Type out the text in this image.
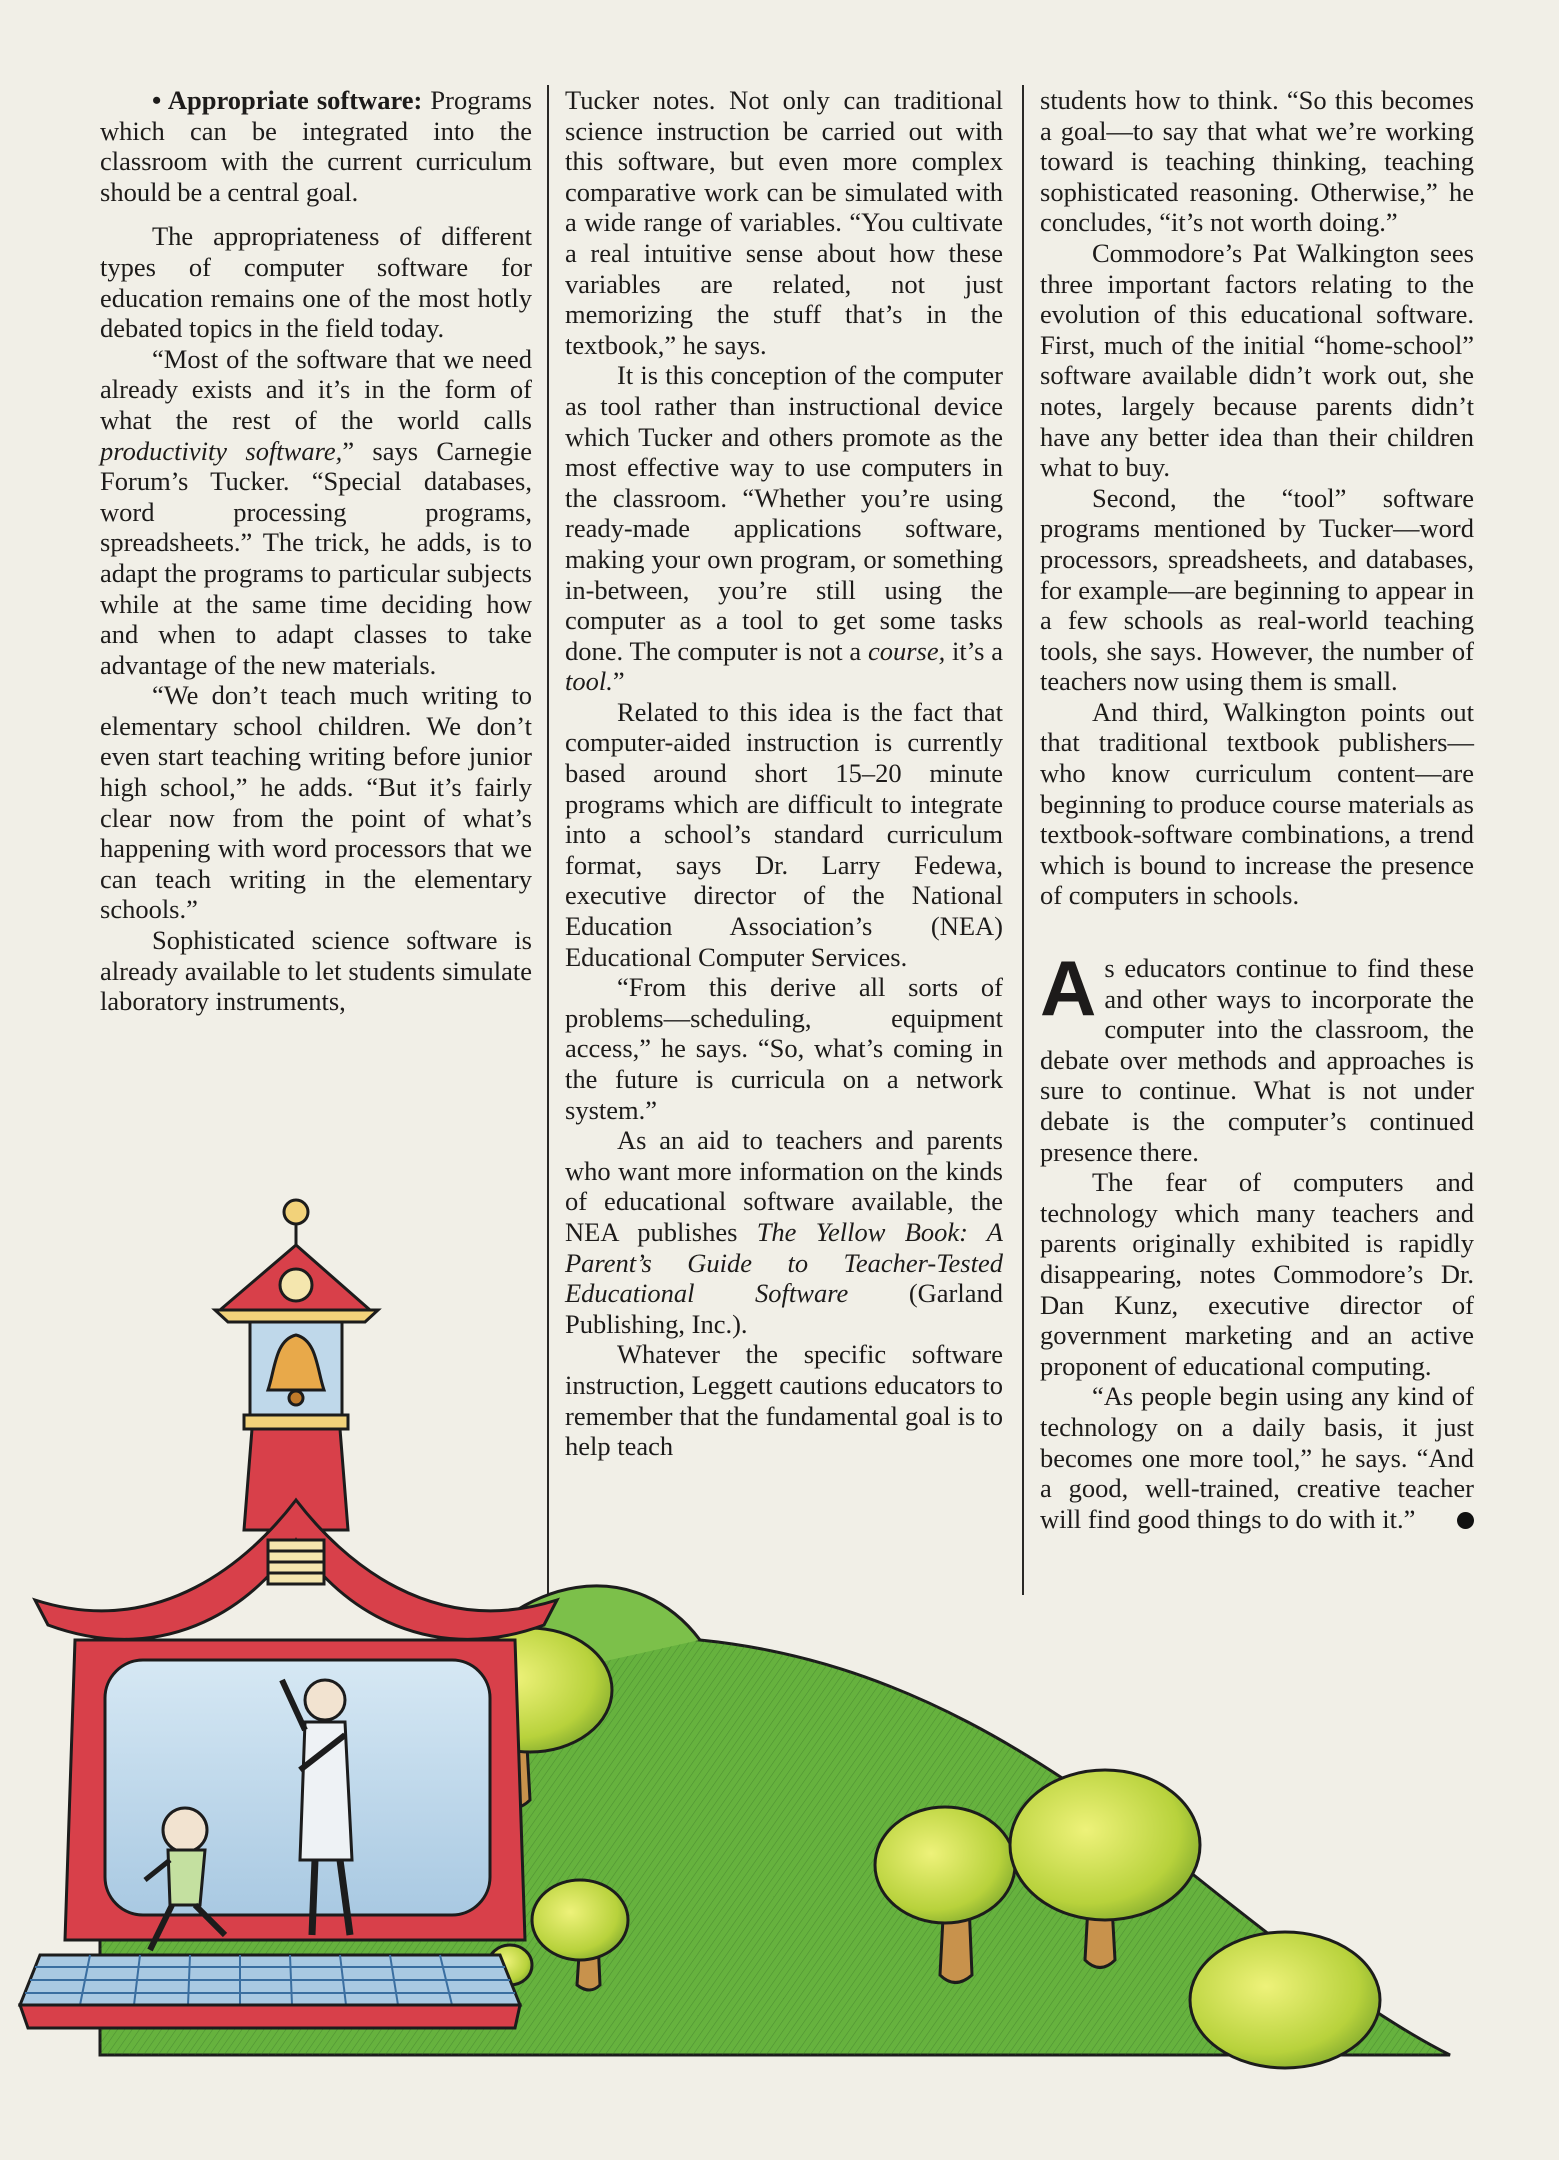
• Appropriate software: Programs which can be integrated into the classroom with the current curriculum should be a central goal.

The appropriateness of different types of computer software for education remains one of the most hotly debated topics in the field today.

“Most of the software that we need already exists and it’s in the form of what the rest of the world calls productivity software,” says Carnegie Forum’s Tucker. “Special databases, word processing programs, spreadsheets.” The trick, he adds, is to adapt the programs to particular subjects while at the same time deciding how and when to adapt classes to take advantage of the new materials.

“We don’t teach much writing to elementary school children. We don’t even start teaching writing before junior high school,” he adds. “But it’s fairly clear now from the point of what’s happening with word processors that we can teach writing in the elementary schools.”

Sophisticated science software is already available to let students simulate laboratory instruments,

Tucker notes. Not only can traditional science instruction be carried out with this software, but even more complex comparative work can be simulated with a wide range of variables. “You cultivate a real intuitive sense about how these variables are related, not just memorizing the stuff that’s in the textbook,” he says.

It is this conception of the computer as tool rather than instructional device which Tucker and others promote as the most effective way to use computers in the classroom. “Whether you’re using ready-made applications software, making your own program, or something in-between, you’re still using the computer as a tool to get some tasks done. The computer is not a course, it’s a tool.”

Related to this idea is the fact that computer-aided instruction is currently based around short 15–20 minute programs which are difficult to integrate into a school’s standard curriculum format, says Dr. Larry Fedewa, executive director of the National Education Association’s (NEA) Educational Computer Services.

“From this derive all sorts of problems—scheduling, equipment access,” he says. “So, what’s coming in the future is curricula on a network system.”

As an aid to teachers and parents who want more information on the kinds of educational software available, the NEA publishes The Yellow Book: A Parent’s Guide to Teacher-Tested Educational Software (Garland Publishing, Inc.).

Whatever the specific software instruction, Leggett cautions educators to remember that the fundamental goal is to help teach

students how to think. “So this becomes a goal—to say that what we’re working toward is teaching thinking, teaching sophisticated reasoning. Otherwise,” he concludes, “it’s not worth doing.”

Commodore’s Pat Walkington sees three important factors relating to the evolution of this educational software. First, much of the initial “home-school” software available didn’t work out, she notes, largely because parents didn’t have any better idea than their children what to buy.

Second, the “tool” software programs mentioned by Tucker—word processors, spreadsheets, and databases, for example—are beginning to appear in a few schools as real-world teaching tools, she says. However, the number of teachers now using them is small.

And third, Walkington points out that traditional textbook publishers—who know curriculum content—are beginning to produce course materials as textbook-software combinations, a trend which is bound to increase the presence of computers in schools.

As educators continue to find these and other ways to incorporate the computer into the classroom, the debate over methods and approaches is sure to continue. What is not under debate is the computer’s continued presence there.

The fear of computers and technology which many teachers and parents originally exhibited is rapidly disappearing, notes Commodore’s Dr. Dan Kunz, executive director of government marketing and an active proponent of educational computing.

“As people begin using any kind of technology on a daily basis, it just becomes one more tool,” he says. “And a good, well-trained, creative teacher will find good things to do with it.”
